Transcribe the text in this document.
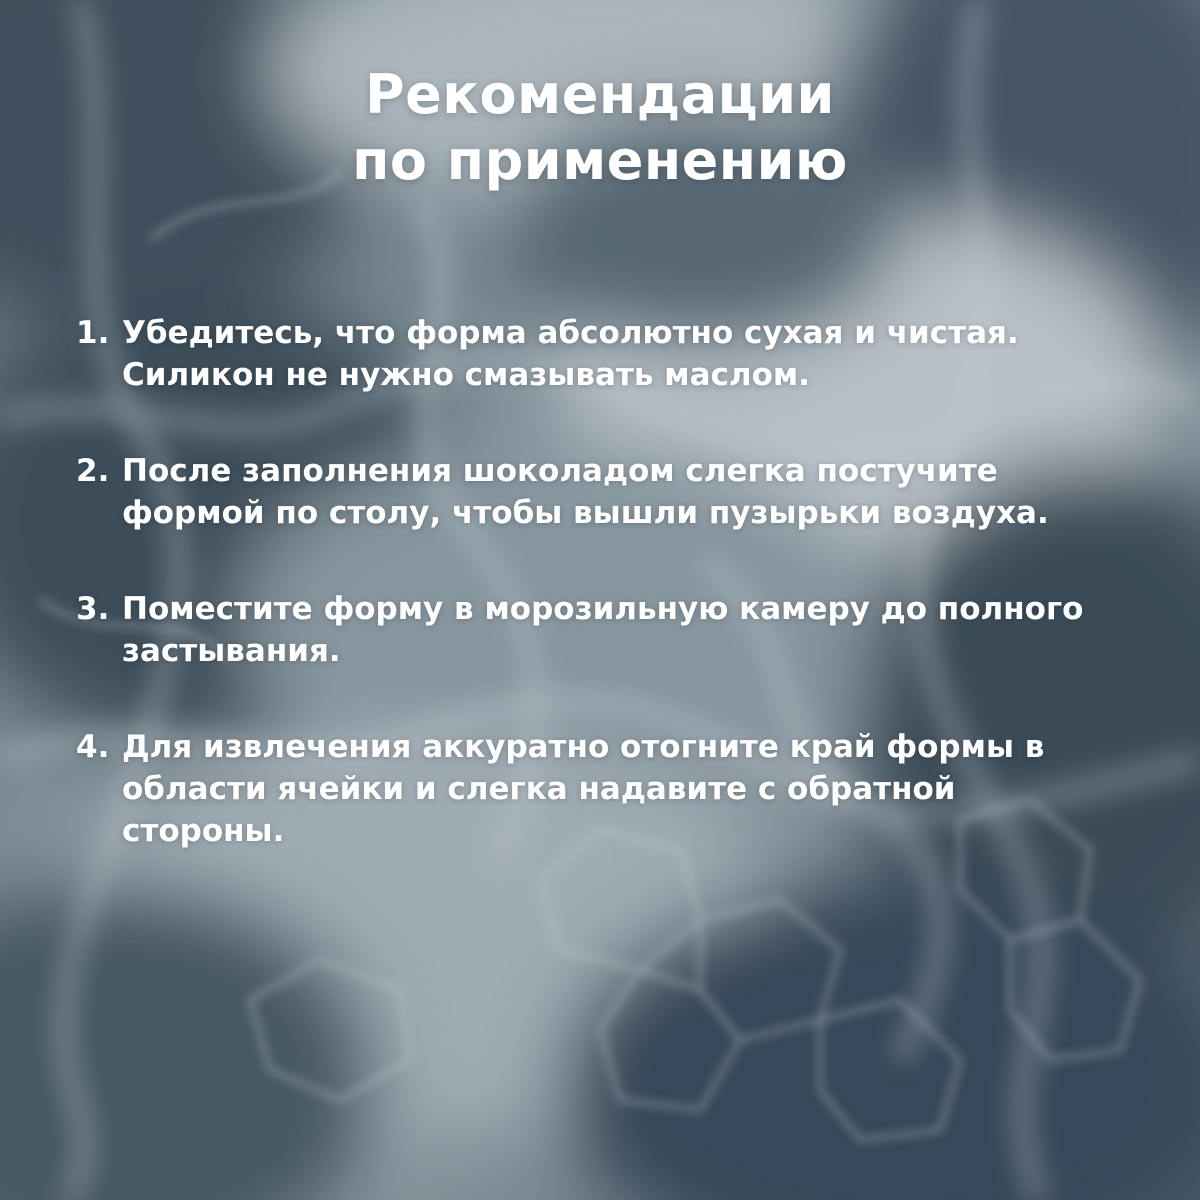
Рекомендации
по применению
1. Убедитесь, что форма абсолютно сухая и чистая. Силикон не нужно смазывать маслом.
2. После заполнения шоколадом слегка постучите формой по столу, чтобы вышли пузырьки воздуха.
3. Поместите форму в морозильную камеру до полного застывания.
4. Для извлечения аккуратно отогните край формы в области ячейки и слегка надавите с обратной стороны.
